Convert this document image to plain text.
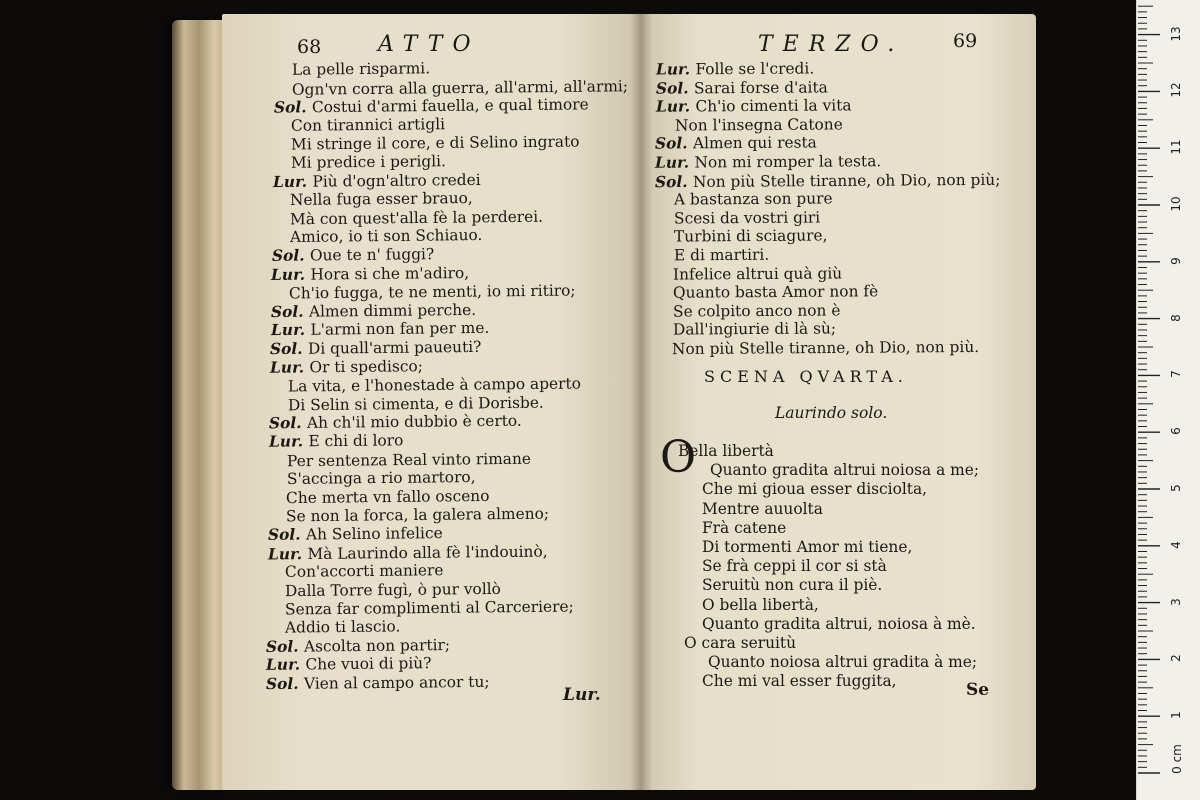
68	ATTO
La pelle risparmi.
Ogn'vn corra alla guerra, all'armi, all'armi;
Sol. Costui d'armi fauella, e qual timore
Con tirannici artigli
Mi stringe il core, e di Selino ingrato
Mi predice i perigli.
Lur. Più d'ogn'altro credei
Nella fuga esser brauo,
Mà con quest'alla fè la perderei.
Amico, io ti son Schiauo.
Sol. Oue te n' fuggi?
Lur. Hora si che m'adiro,
Ch'io fugga, te ne menti, io mi ritiro;
Sol. Almen dimmi perche.
Lur. L'armi non fan per me.
Sol. Di quall'armi paueuti?
Lur. Or ti spedisco;
La vita, e l'honestade à campo aperto
Di Selin si cimenta, e di Dorisbe.
Sol. Ah ch'il mio dubbio è certo.
Lur. E chi di loro
Per sentenza Real vinto rimane
S'accinga a rio martoro,
Che merta vn fallo osceno
Se non la forca, la galera almeno;
Sol. Ah Selino infelice
Lur. Mà Laurindo alla fè l'indouinò,
Con'accorti maniere
Dalla Torre fugì, ò pur vollò
Senza far complimenti al Carceriere;
Addio ti lascio.
Sol. Ascolta non partir;
Lur. Che vuoi di più?
Sol. Vien al campo ancor tu;
Lur.
TERZO.	69
Lur. Folle se l'credi.
Sol. Sarai forse d'aita
Lur. Ch'io cimenti la vita
Non l'insegna Catone
Sol. Almen qui resta
Lur. Non mi romper la testa.
Sol. Non più Stelle tiranne, oh Dio, non più;
A bastanza son pure
Scesi da vostri giri
Turbini di sciagure,
E di martiri.
Infelice altrui quà giù
Quanto basta Amor non fè
Se colpito anco non è
Dall'ingiurie di là sù;
Non più Stelle tiranne, oh Dio, non più.
SCENA QVARTA.
Laurindo solo.
O
Bella libertà
Quanto gradita altrui noiosa a me;
Che mi gioua esser disciolta,
Mentre auuolta
Frà catene
Di tormenti Amor mi tiene,
Se frà ceppi il cor si stà
Seruitù non cura il piè.
O bella libertà,
Quanto gradita altrui, noiosa à mè.
O cara seruitù
Quanto noiosa altrui gradita à me;
Che mi val esser fuggita,	Se
1
2
3
4
5
6
7
8
9
10
11
12
13
0 cm
